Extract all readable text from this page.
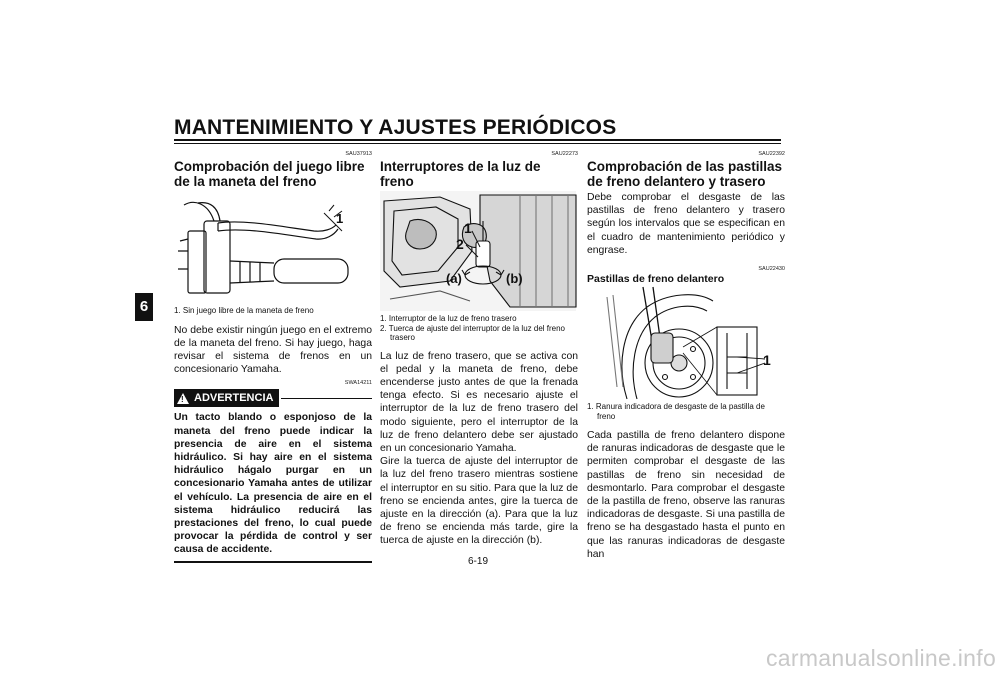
MANTENIMIENTO Y AJUSTES PERIÓDICOS
6
SAU37913
Comprobación del juego libre de la maneta del freno
1
1. Sin juego libre de la maneta de freno

No debe existir ningún juego en el extremo de la maneta del freno. Si hay juego, haga revisar el sistema de frenos en un concesionario Yamaha.

SWA14211
! ADVERTENCIA

Un tacto blando o esponjoso de la maneta del freno puede indicar la presencia de aire en el sistema hidráulico. Si hay aire en el sistema hidráulico hágalo purgar en un concesionario Yamaha antes de utilizar el vehículo. La presencia de aire en el sistema hidráulico reducirá las prestaciones del freno, lo cual puede provocar la pérdida de control y ser causa de accidente.

SAU22273
Interruptores de la luz de freno
1
2
(a)	(b)
1. Interruptor de la luz de freno trasero
2. Tuerca de ajuste del interruptor de la luz del freno trasero

La luz de freno trasero, que se activa con el pedal y la maneta de freno, debe encenderse justo antes de que la frenada tenga efecto. Si es necesario ajuste el interruptor de la luz de freno trasero del modo siguiente, pero el interruptor de la luz de freno delantero debe ser ajustado en un concesionario Yamaha.

Gire la tuerca de ajuste del interruptor de la luz del freno trasero mientras sostiene el interruptor en su sitio. Para que la luz de freno se encienda antes, gire la tuerca de ajuste en la dirección (a). Para que la luz de freno se encienda más tarde, gire la tuerca de ajuste en la dirección (b).

SAU22392
Comprobación de las pastillas de freno delantero y trasero

Debe comprobar el desgaste de las pastillas de freno delantero y trasero según los intervalos que se especifican en el cuadro de mantenimiento periódico y engrase.

SAU22430
Pastillas de freno delantero
1
1. Ranura indicadora de desgaste de la pastilla de freno

Cada pastilla de freno delantero dispone de ranuras indicadoras de desgaste que le permiten comprobar el desgaste de las pastillas de freno sin necesidad de desmontarlo. Para comprobar el desgaste de la pastilla de freno, observe las ranuras indicadoras de desgaste. Si una pastilla de freno se ha desgastado hasta el punto en que las ranuras indicadoras de desgaste han

6-19
carmanualsonline.info
